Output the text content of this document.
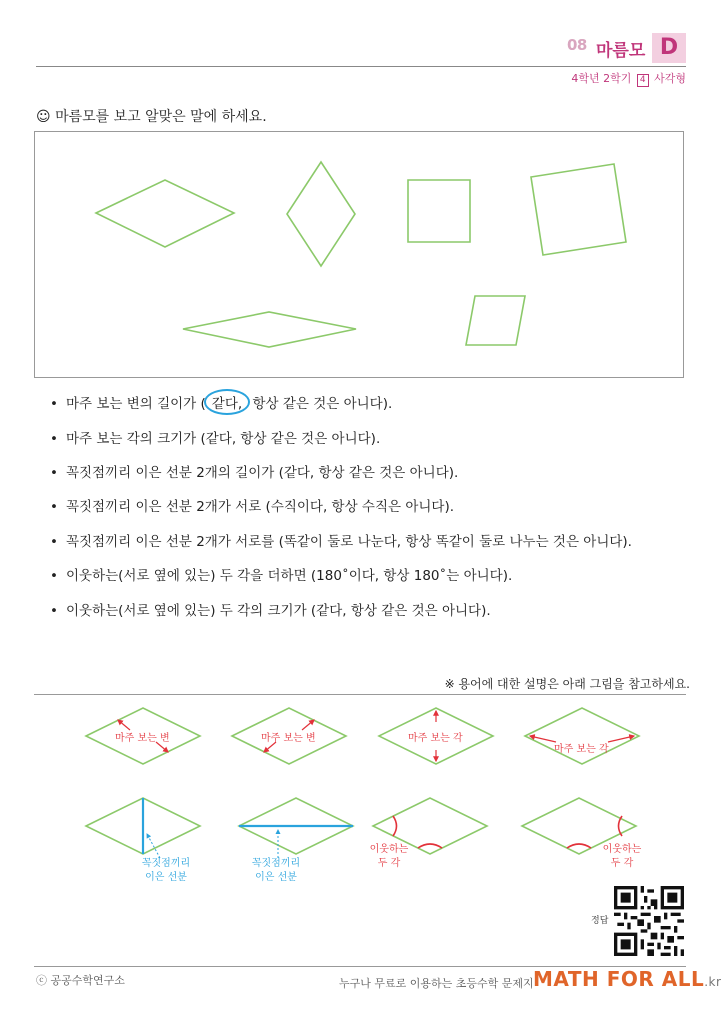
08 마름모 D
4학년 2학기 4 사각형
☺ 마름모를 보고 알맞은 말에 하세요.
• 마주 보는 변의 길이가 ( 같다, 항상 같은 것은 아니다).
• 마주 보는 각의 크기가 (같다, 항상 같은 것은 아니다).
• 꼭짓점끼리 이은 선분 2개의 길이가 (같다, 항상 같은 것은 아니다).
• 꼭짓점끼리 이은 선분 2개가 서로 (수직이다, 항상 수직은 아니다).
• 꼭짓점끼리 이은 선분 2개가 서로를 (똑같이 둘로 나눈다, 항상 똑같이 둘로 나누는 것은 아니다).
• 이웃하는(서로 옆에 있는) 두 각을 더하면 (180˚이다, 항상 180˚는 아니다).
• 이웃하는(서로 옆에 있는) 두 각의 크기가 (같다, 항상 같은 것은 아니다).
※ 용어에 대한 설명은 아래 그림을 참고하세요.
마주 보는 변	마주 보는 변	마주 보는 각
마주 보는 각
꼭짓점끼리
이은 선분
꼭짓점끼리
이은 선분
이웃하는
두 각
이웃하는
두 각
정답
ⓒ 공공수학연구소	누구나 무료로 이용하는 초등수학 문제지 MATH FOR ALL.kr
